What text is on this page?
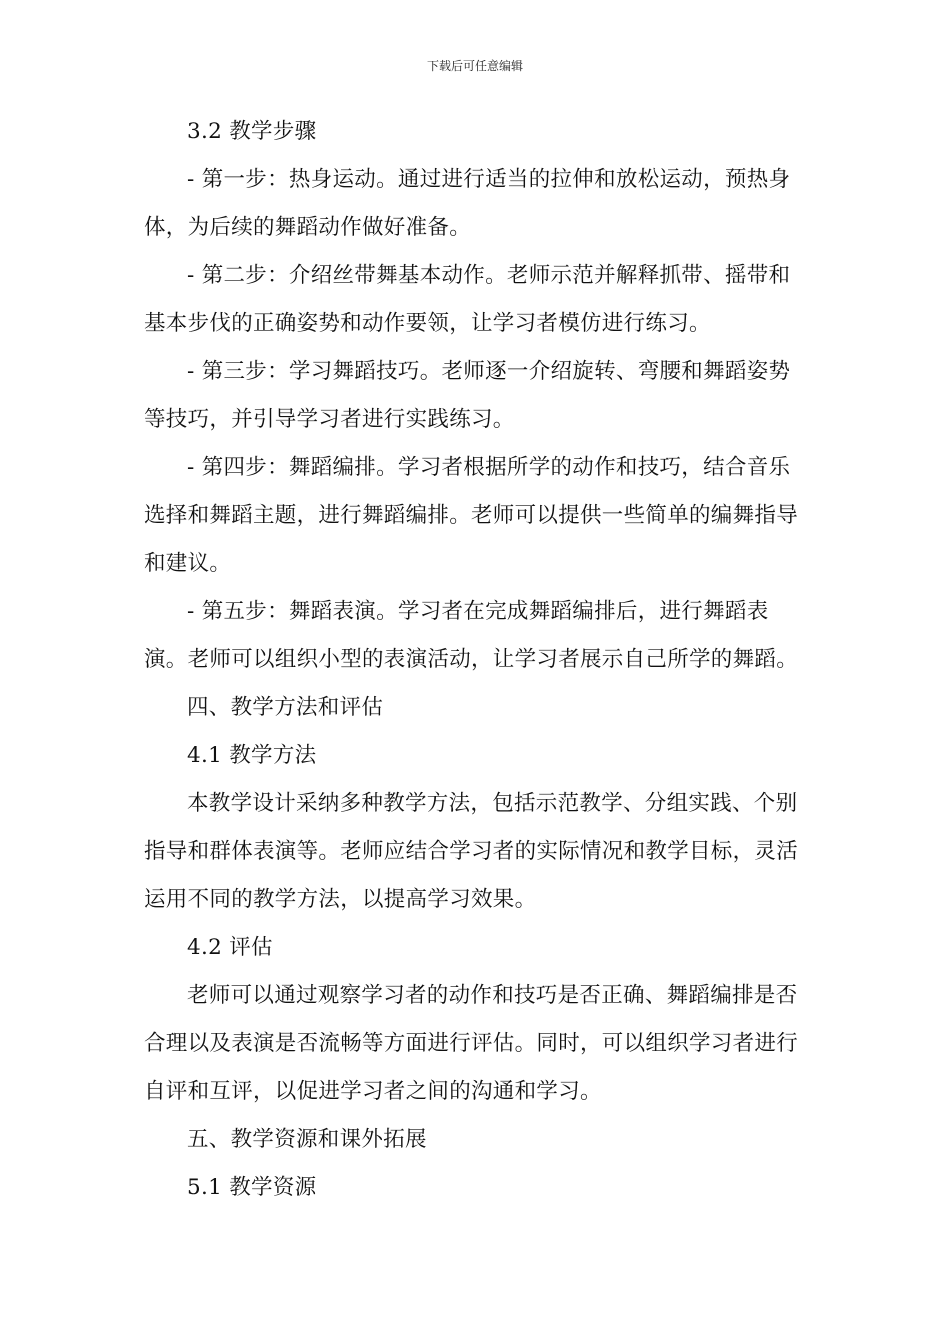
下载后可任意编辑

3.2 教学步骤

- 第一步：热身运动。通过进行适当的拉伸和放松运动，预热身体，为后续的舞蹈动作做好准备。

- 第二步：介绍丝带舞基本动作。老师示范并解释抓带、摇带和基本步伐的正确姿势和动作要领，让学习者模仿进行练习。

- 第三步：学习舞蹈技巧。老师逐一介绍旋转、弯腰和舞蹈姿势等技巧，并引导学习者进行实践练习。

- 第四步：舞蹈编排。学习者根据所学的动作和技巧，结合音乐选择和舞蹈主题，进行舞蹈编排。老师可以提供一些简单的编舞指导和建议。

- 第五步：舞蹈表演。学习者在完成舞蹈编排后，进行舞蹈表演。老师可以组织小型的表演活动，让学习者展示自己所学的舞蹈。

四、教学方法和评估

4.1 教学方法

本教学设计采纳多种教学方法，包括示范教学、分组实践、个别指导和群体表演等。老师应结合学习者的实际情况和教学目标，灵活运用不同的教学方法，以提高学习效果。

4.2 评估

老师可以通过观察学习者的动作和技巧是否正确、舞蹈编排是否合理以及表演是否流畅等方面进行评估。同时，可以组织学习者进行自评和互评，以促进学习者之间的沟通和学习。

五、教学资源和课外拓展

5.1 教学资源
